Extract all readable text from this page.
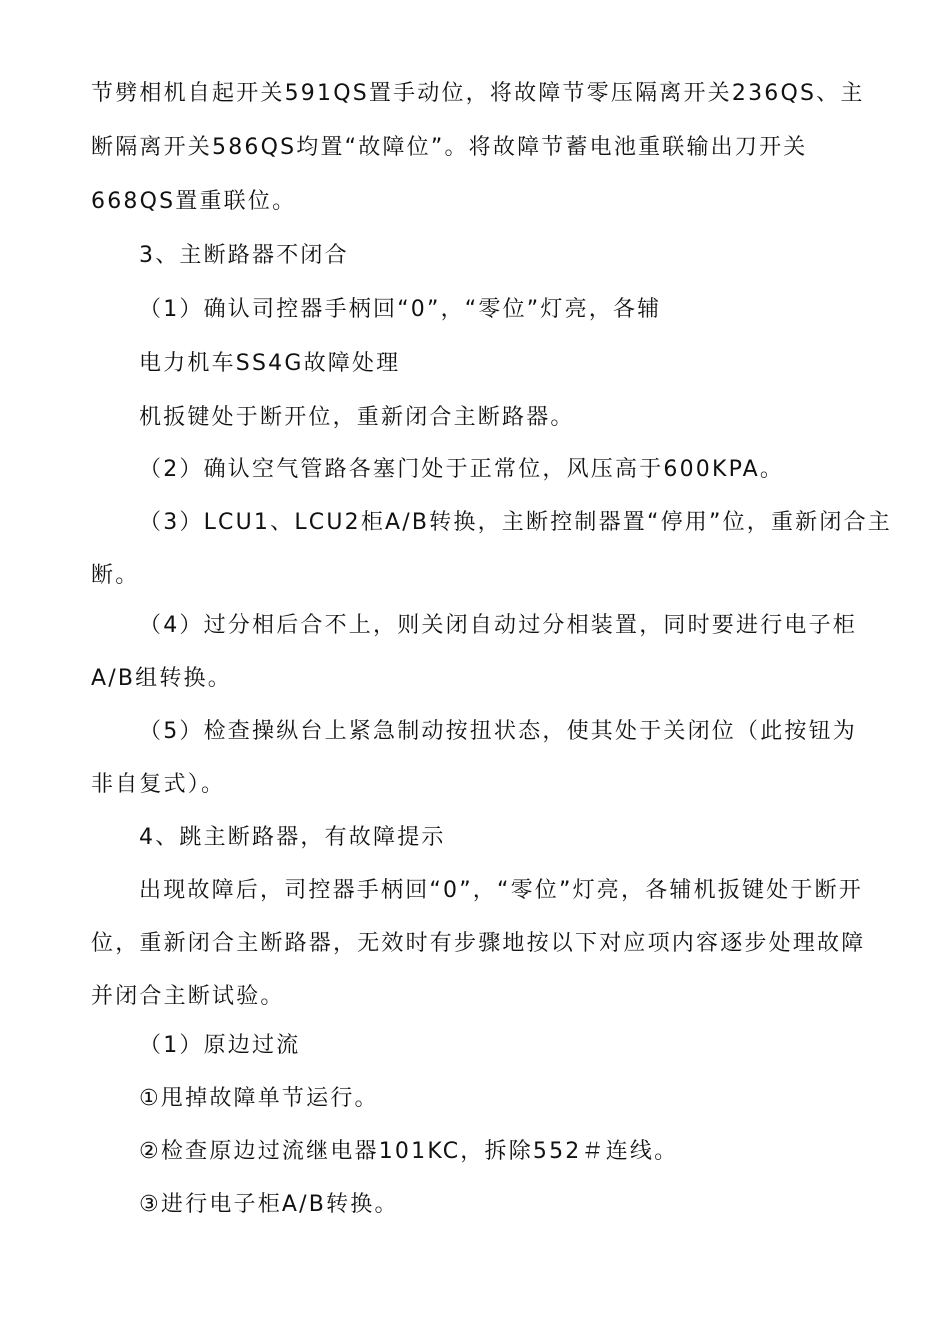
节劈相机自起开关591QS置手动位，将故障节零压隔离开关236QS、主
断隔离开关586QS均置“故障位”。将故障节蓄电池重联输出刀开关
668QS置重联位。
3、主断路器不闭合
（1）确认司控器手柄回“0”，“零位”灯亮，各辅
电力机车SS4G故障处理
机扳键处于断开位，重新闭合主断路器。
（2）确认空气管路各塞门处于正常位，风压高于600KPA。
（3）LCU1、LCU2柜A/B转换，主断控制器置“停用”位，重新闭合主
断。
（4）过分相后合不上，则关闭自动过分相装置，同时要进行电子柜
A/B组转换。
（5）检查操纵台上紧急制动按扭状态，使其处于关闭位（此按钮为
非自复式）。
4、跳主断路器，有故障提示
出现故障后，司控器手柄回“0”，“零位”灯亮，各辅机扳键处于断开
位，重新闭合主断路器，无效时有步骤地按以下对应项内容逐步处理故障
并闭合主断试验。
（1）原边过流
①甩掉故障单节运行。
②检查原边过流继电器101KC，拆除552＃连线。
③进行电子柜A/B转换。
